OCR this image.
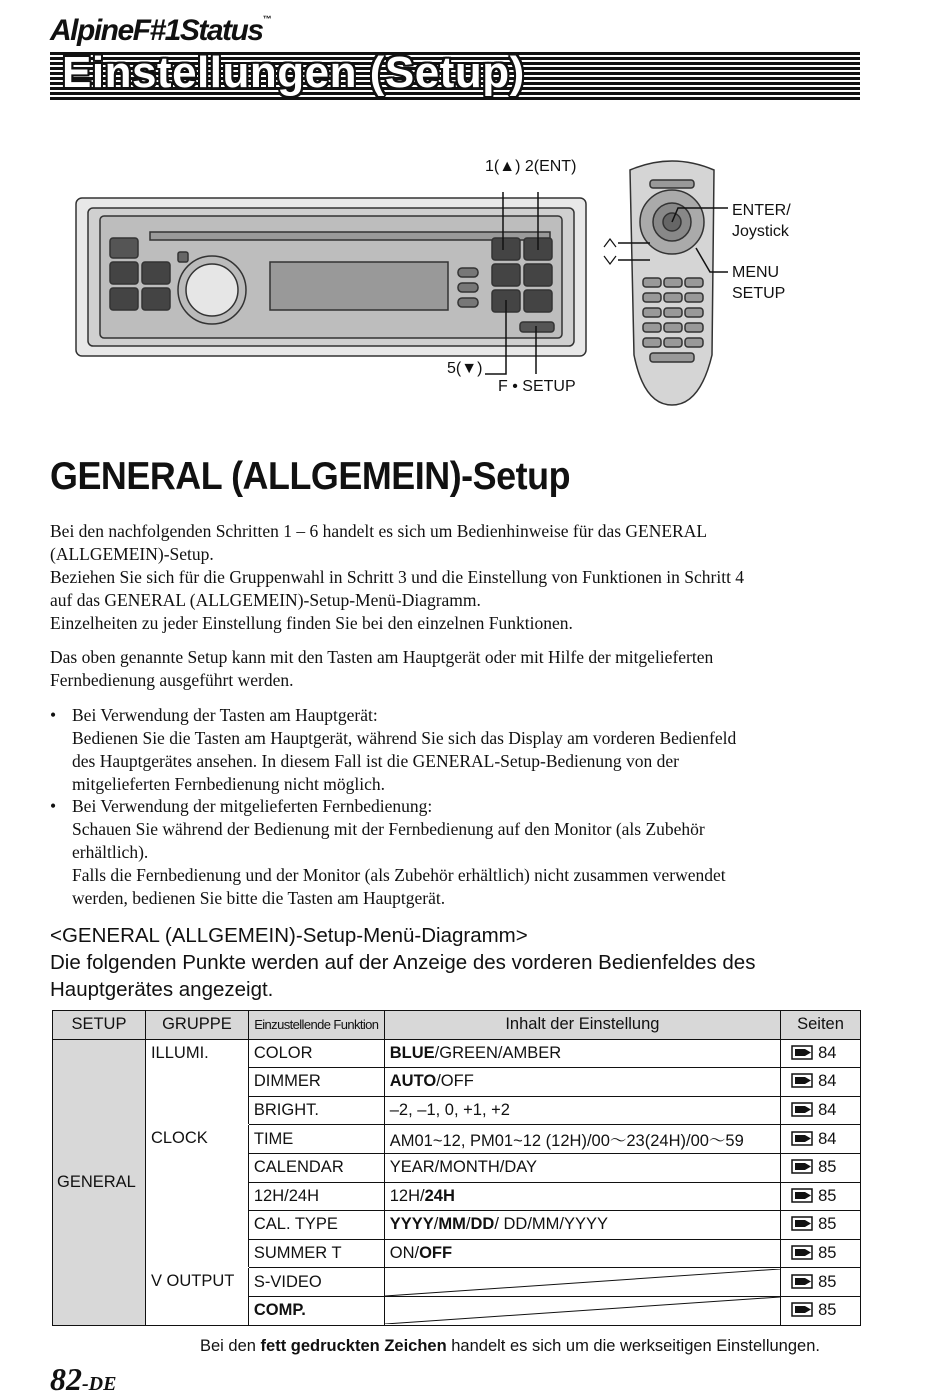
AlpineF#1Status™
Einstellungen (Setup)
1(▲) 2(ENT)
5(▼)
F • SETUP
ENTER/
Joystick
MENU
SETUP
GENERAL (ALLGEMEIN)-Setup

Bei den nachfolgenden Schritten 1 – 6 handelt es sich um Bedienhinweise für das GENERAL

(ALLGEMEIN)-Setup.

Beziehen Sie sich für die Gruppenwahl in Schritt 3 und die Einstellung von Funktionen in Schritt 4

auf das GENERAL (ALLGEMEIN)-Setup-Menü-Diagramm.

Einzelheiten zu jeder Einstellung finden Sie bei den einzelnen Funktionen.

Das oben genannte Setup kann mit den Tasten am Hauptgerät oder mit Hilfe der mitgelieferten

Fernbedienung ausgeführt werden.

• Bei Verwendung der Tasten am Hauptgerät:
Bedienen Sie die Tasten am Hauptgerät, während Sie sich das Display am vorderen Bedienfeld
des Hauptgerätes ansehen. In diesem Fall ist die GENERAL-Setup-Bedienung von der
mitgelieferten Fernbedienung nicht möglich.
• Bei Verwendung der mitgelieferten Fernbedienung:
Schauen Sie während der Bedienung mit der Fernbedienung auf den Monitor (als Zubehör
erhältlich).
Falls die Fernbedienung und der Monitor (als Zubehör erhältlich) nicht zusammen verwendet
werden, bedienen Sie bitte die Tasten am Hauptgerät.
<GENERAL (ALLGEMEIN)-Setup-Menü-Diagramm>
Die folgenden Punkte werden auf der Anzeige des vorderen Bedienfeldes des
Hauptgerätes angezeigt.
SETUP	GRUPPE	Einzustellende Funktion	Inhalt der Einstellung	Seiten
GENERAL	ILLUMI.	COLOR	BLUE/GREEN/AMBER	84
		DIMMER	AUTO/OFF	84
		BRIGHT.	–2, –1, 0, +1, +2	84
	CLOCK	TIME	AM01~12, PM01~12 (12H)/00〜23(24H)/00〜59	84
		CALENDAR	YEAR/MONTH/DAY	85
		12H/24H	12H/24H	85
		CAL. TYPE	YYYY/MM/DD/ DD/MM/YYYY	85
		SUMMER T	ON/OFF	85
	V OUTPUT	S-VIDEO		85
		COMP.		85
Bei den fett gedruckten Zeichen handelt es sich um die werkseitigen Einstellungen.
82-DE
